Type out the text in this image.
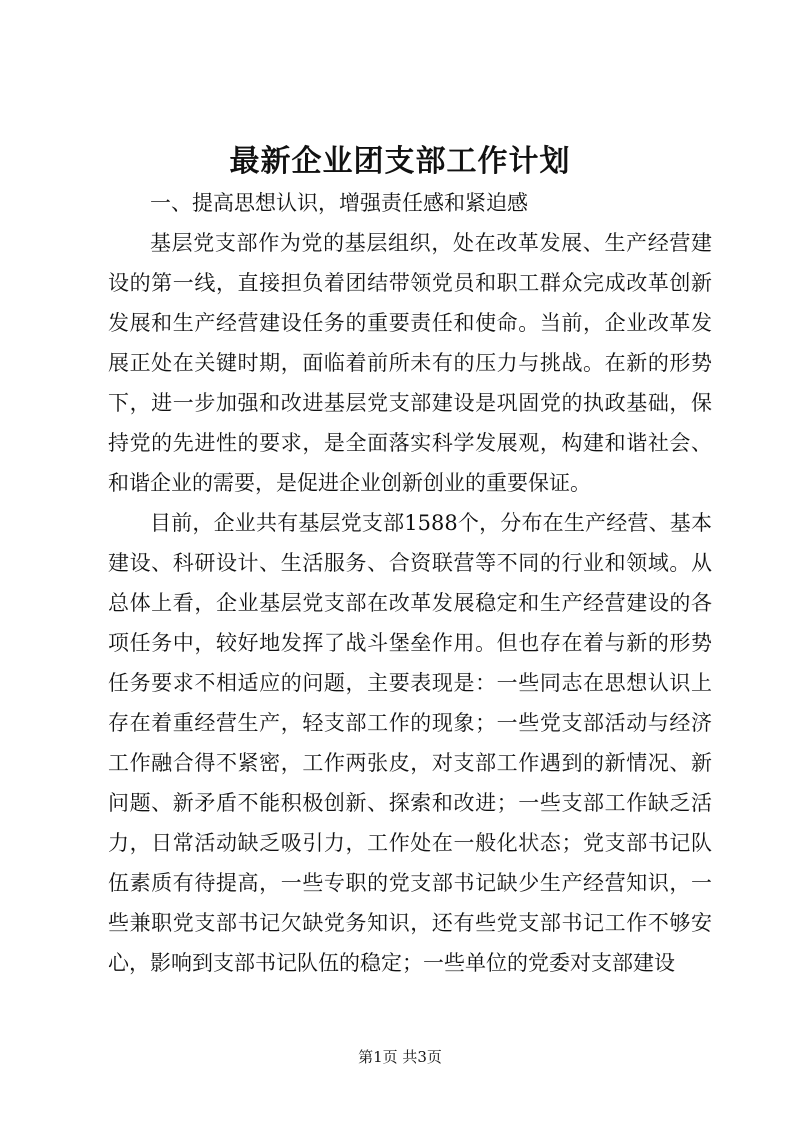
最新企业团支部工作计划
一、提高思想认识，增强责任感和紧迫感

基层党支部作为党的基层组织，处在改革发展、生产经营建设的第一线，直接担负着团结带领党员和职工群众完成改革创新发展和生产经营建设任务的重要责任和使命。当前，企业改革发展正处在关键时期，面临着前所未有的压力与挑战。在新的形势下，进一步加强和改进基层党支部建设是巩固党的执政基础，保持党的先进性的要求，是全面落实科学发展观，构建和谐社会、和谐企业的需要，是促进企业创新创业的重要保证。

目前，企业共有基层党支部1588个，分布在生产经营、基本建设、科研设计、生活服务、合资联营等不同的行业和领域。从总体上看，企业基层党支部在改革发展稳定和生产经营建设的各项任务中，较好地发挥了战斗堡垒作用。但也存在着与新的形势任务要求不相适应的问题，主要表现是：一些同志在思想认识上存在着重经营生产，轻支部工作的现象；一些党支部活动与经济工作融合得不紧密，工作两张皮，对支部工作遇到的新情况、新问题、新矛盾不能积极创新、探索和改进；一些支部工作缺乏活力，日常活动缺乏吸引力，工作处在一般化状态；党支部书记队伍素质有待提高，一些专职的党支部书记缺少生产经营知识，一些兼职党支部书记欠缺党务知识，还有些党支部书记工作不够安心，影响到支部书记队伍的稳定；一些单位的党委对支部建设

第1页 共3页
